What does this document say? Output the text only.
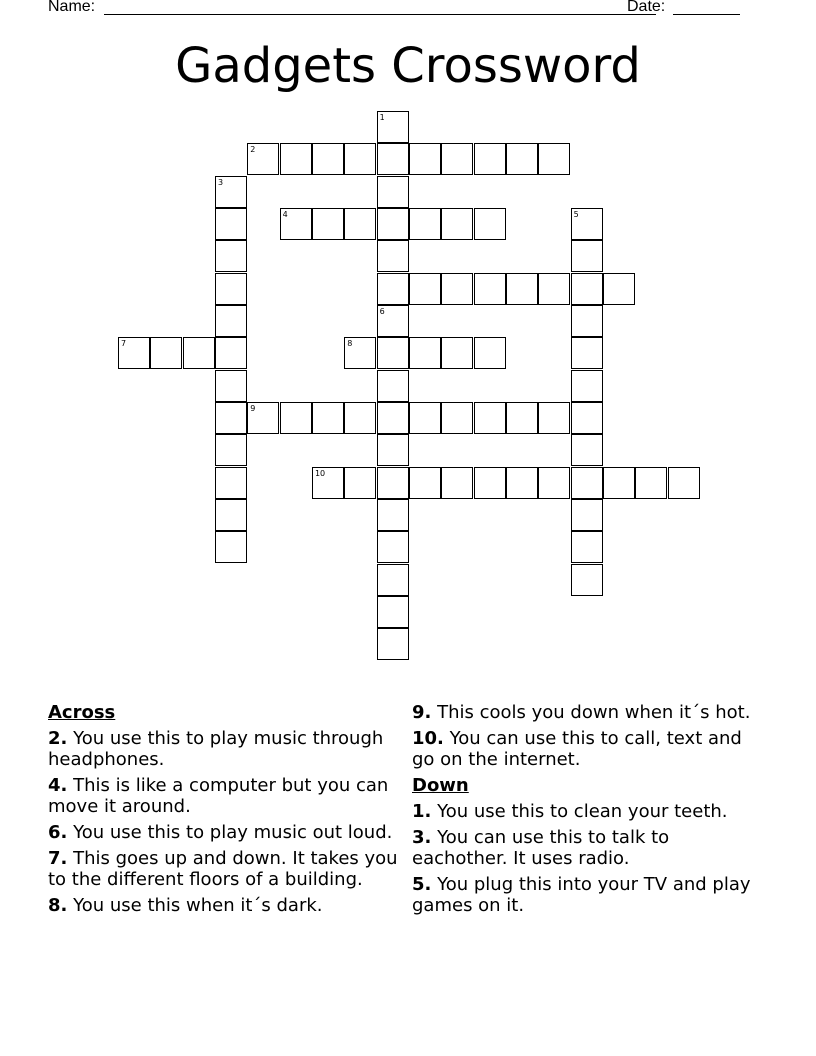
Name:	Date:
Gadgets Crossword
1
6
2
3
4	5
7	8
9
10
Across
2. You use this to play music through headphones.
4. This is like a computer but you can move it around.
6. You use this to play music out loud.
7. This goes up and down. It takes you to the different floors of a building.
8. You use this when it´s dark.
9. This cools you down when it´s hot.
10. You can use this to call, text and go on the internet.
Down
1. You use this to clean your teeth.
3. You can use this to talk to eachother. It uses radio.
5. You plug this into your TV and play games on it.
